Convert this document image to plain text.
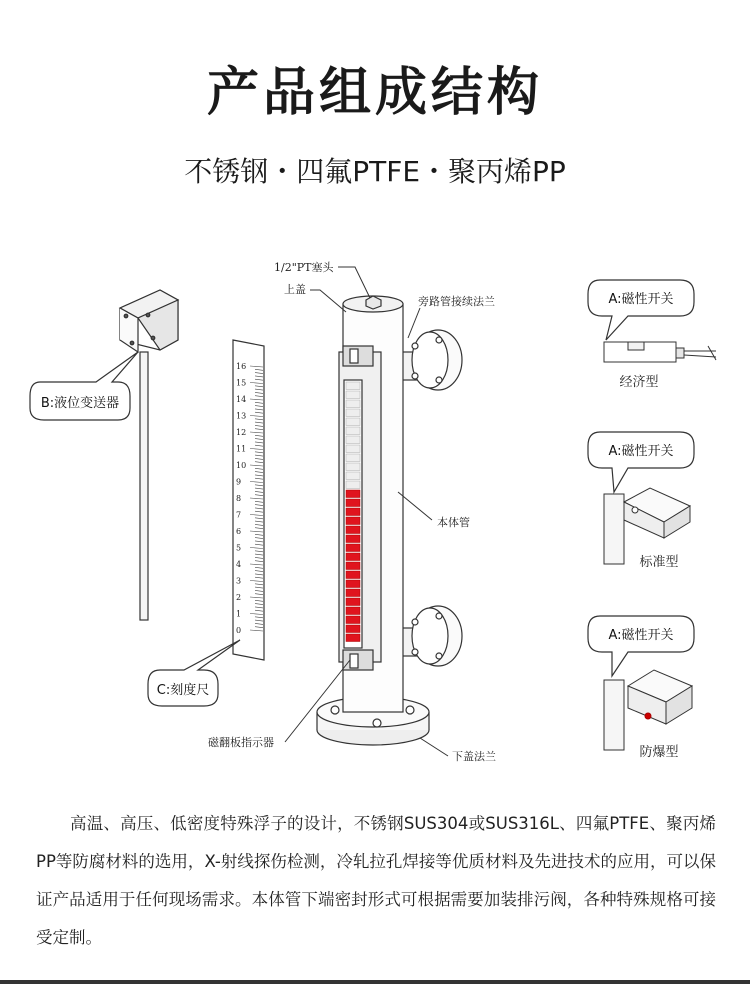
产品组成结构
不锈钢・四氟PTFE・聚丙烯PP
B:液位变送器
16
15
14
13
12
11
10
9
8
7
6
5
4
3
2
1
0
C:刻度尺
1/2"PT塞头
上盖
旁路管接续法兰
本体管
磁翻板指示器
下盖法兰
A:磁性开关
经济型
A:磁性开关
标准型
A:磁性开关
防爆型
高温、高压、低密度特殊浮子的设计，不锈钢SUS304或SUS316L、四氟PTFE、聚丙烯PP等防腐材料的选用，X-射线探伤检测，冷轧拉孔焊接等优质材料及先进技术的应用，可以保证产品适用于任何现场需求。本体管下端密封形式可根据需要加装排污阀，各种特殊规格可接受定制。
